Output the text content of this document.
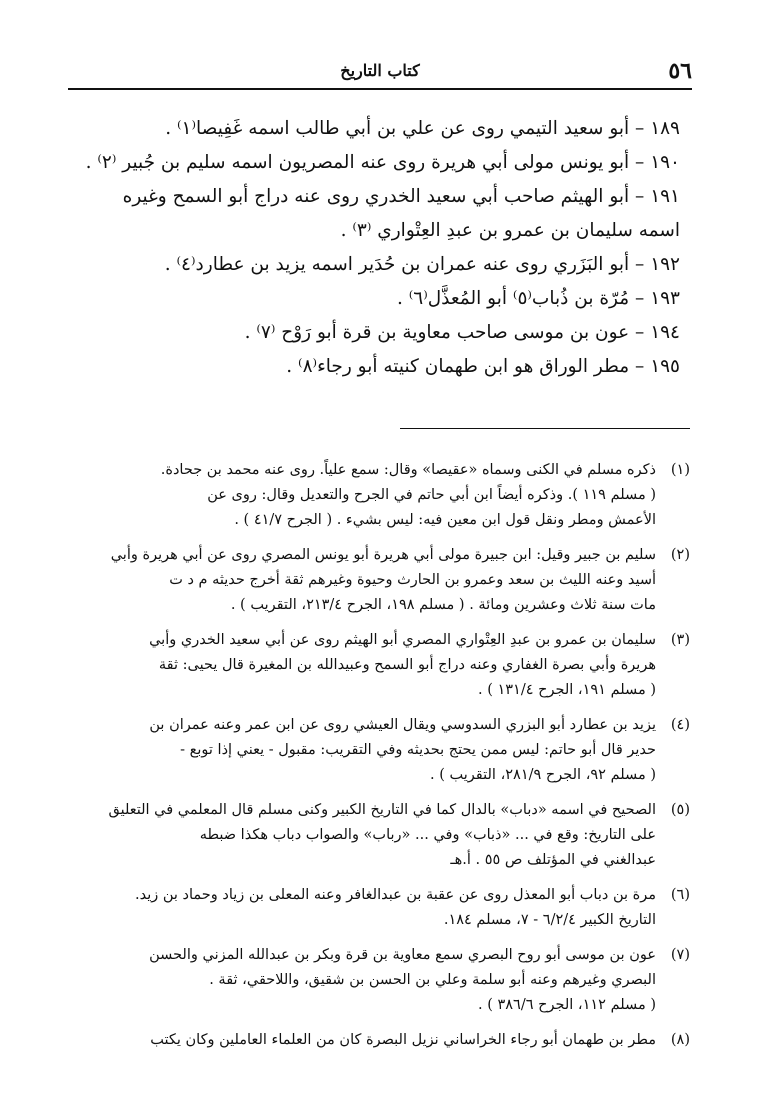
٥٦
كتاب التاريخ

١٨٩ – أبو سعيد التيمي روى عن علي بن أبي طالب اسمه غَفِيصا⁽١⁾ .

١٩٠ – أبو يونس مولى أبي هريرة روى عنه المصريون اسمه سليم بن جُبير ⁽٢⁾ .

١٩١ – أبو الهيثم صاحب أبي سعيد الخدري روى عنه دراج أبو السمح وغيره

اسمه سليمان بن عمرو بن عبدِ العِتْواري ⁽٣⁾ .

١٩٢ – أبو البَزَري روى عنه عمران بن حُدَير اسمه يزيد بن عطارد⁽٤⁾ .

١٩٣ – مُرّة بن ذُباب⁽٥⁾ أبو المُعذَّل⁽٦⁾ .

١٩٤ – عون بن موسى صاحب معاوية بن قرة أبو رَوْح ⁽٧⁾ .

١٩٥ – مطر الوراق هو ابن طهمان كنيته أبو رجاء⁽٨⁾ .

(١)
ذكره مسلم في الكنى وسماه «عقيصا» وقال: سمع علياً. روى عنه محمد بن جحادة.
( مسلم ١١٩ ). وذكره أيضاً ابن أبي حاتم في الجرح والتعديل وقال: روى عن
الأعمش ومطر ونقل قول ابن معين فيه: ليس بشيء . ( الجرح ٤١/٧ ) .
(٢)
سليم بن جبير وقيل: ابن جبيرة مولى أبي هريرة أبو يونس المصري روى عن أبي هريرة وأبي
أسيد وعنه الليث بن سعد وعمرو بن الحارث وحيوة وغيرهم ثقة أخرج حديثه م د ت
مات سنة ثلاث وعشرين ومائة . ( مسلم ١٩٨، الجرح ٢١٣/٤، التقريب ) .
(٣)
سليمان بن عمرو بن عبدِ العِتْواري المصري أبو الهيثم روى عن أبي سعيد الخدري وأبي
هريرة وأبي بصرة الغفاري وعنه دراج أبو السمح وعبيدالله بن المغيرة قال يحيى: ثقة
( مسلم ١٩١، الجرح ١٣١/٤ ) .
(٤)
يزيد بن عطارد أبو البزري السدوسي ويقال العيشي روى عن ابن عمر وعنه عمران بن
حدير قال أبو حاتم: ليس ممن يحتج بحديثه وفي التقريب: مقبول - يعني إذا توبع -
( مسلم ٩٢، الجرح ٢٨١/٩، التقريب ) .
(٥)
الصحيح في اسمه «دباب» بالدال كما في التاريخ الكبير وكنى مسلم قال المعلمي في التعليق
على التاريخ: وقع في ... «ذباب» وفي ... «رباب» والصواب دباب هكذا ضبطه
عبدالغني في المؤتلف ص ٥٥ . أ.هـ
(٦)
مرة بن دباب أبو المعذل روى عن عقبة بن عبدالغافر وعنه المعلى بن زياد وحماد بن زيد.
التاريخ الكبير ٦/٢/٤ - ٧، مسلم ١٨٤.
(٧)
عون بن موسى أبو روح البصري سمع معاوية بن قرة وبكر بن عبدالله المزني والحسن
البصري وغيرهم وعنه أبو سلمة وعلي بن الحسن بن شقيق، واللاحقي، ثقة .
( مسلم ١١٢، الجرح ٣٨٦/٦ ) .
(٨)
مطر بن طهمان أبو رجاء الخراساني نزيل البصرة كان من العلماء العاملين وكان يكتب
